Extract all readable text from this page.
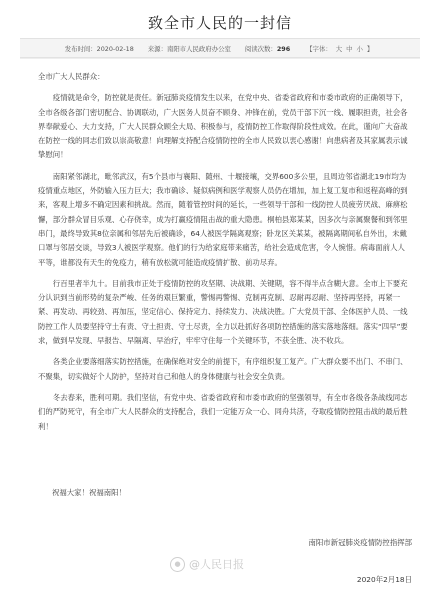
致全市人民的一封信
发布时间：2020-02-18 来源：南阳市人民政府办公室 阅读次数：296	【字体： 大 中 小 】

全市广大人民群众：

疫情就是命令，防控就是责任。新冠肺炎疫情发生以来，在党中央、省委省政府和市委市政府的正确领导下，全市各级各部门密切配合、协调联动，广大医务人员奋不顾身、冲锋在前，党员干部下沉一线、履职担责，社会各界奉献爱心、大力支持，广大人民群众顾全大局、积极参与，疫情防控工作取得阶段性成效。在此，谨向广大奋战在防控一线的同志们致以崇高敬意！向理解支持配合疫情防控的全市人民致以衷心感谢！向患病者及其家属表示诚挚慰问！

南阳紧邻湖北，毗邻武汉，有5个县市与襄阳、随州、十堰接壤，交界600多公里，且周边邻省湖北19市均为疫情重点地区，外防输入压力巨大；我市确诊、疑似病例和医学观察人员仍在增加，加上复工复市和返程高峰的到来，客观上增多不确定因素和挑战。然而，随着管控时间的延长，一些领导干部和一线防控人员疲劳厌战、麻痹松懈，部分群众冒目乐观、心存侥幸，成为打赢疫情阻击战的重大隐患。桐柏县郑某某，因多次与亲属聚餐和到邻里串门，最终导致其8位亲属和邻居先后被确诊，64人被医学隔离观察；卧龙区关某某，被隔离期间私自外出，未戴口罩与邻居交谈，导致3人被医学观察。他们的行为给家庭带来痛苦，给社会造成危害，令人惋惜。病毒面前人人平等，谁都没有天生的免疫力，稍有放松就可能造成疫情扩散、前功尽弃。

行百里者半九十。目前我市正处于疫情防控的攻坚期、决战期、关键期，容不得半点含糊大意。全市上下要充分认识到当前形势的复杂严峻、任务的艰巨繁重，警惕再警惕、克制再克制、忍耐再忍耐、坚持再坚持，再紧一紧、再发动、再较劲、再加压，坚定信心、保持定力、持续发力、决战决胜。广大党员干部、全体医护人员、一线防控工作人员要坚持守土有责、守土担责、守土尽责，全力以赴抓好各项防控措施的落实落地落细。落实“四早”要求，做到早发现、早报告、早隔离、早治疗，牢牢守住每一个关键环节，不获全胜、决不收兵。

各类企业要落细落实防控措施，在确保绝对安全的前提下，有序组织复工复产。广大群众要不出门、不串门、不聚集，切实做好个人防护，坚持对自己和他人的身体健康与社会安全负责。

冬去春来，胜利可期。我们坚信，有党中央、省委省政府和市委市政府的坚强领导，有全市各级各条战线同志们的严防死守，有全市广大人民群众的支持配合，我们一定能万众一心、同舟共济，夺取疫情防控阻击战的最后胜利！

祝福大家！祝福南阳！
南阳市新冠肺炎疫情防控指挥部
● @人民日报
2020年2月18日
